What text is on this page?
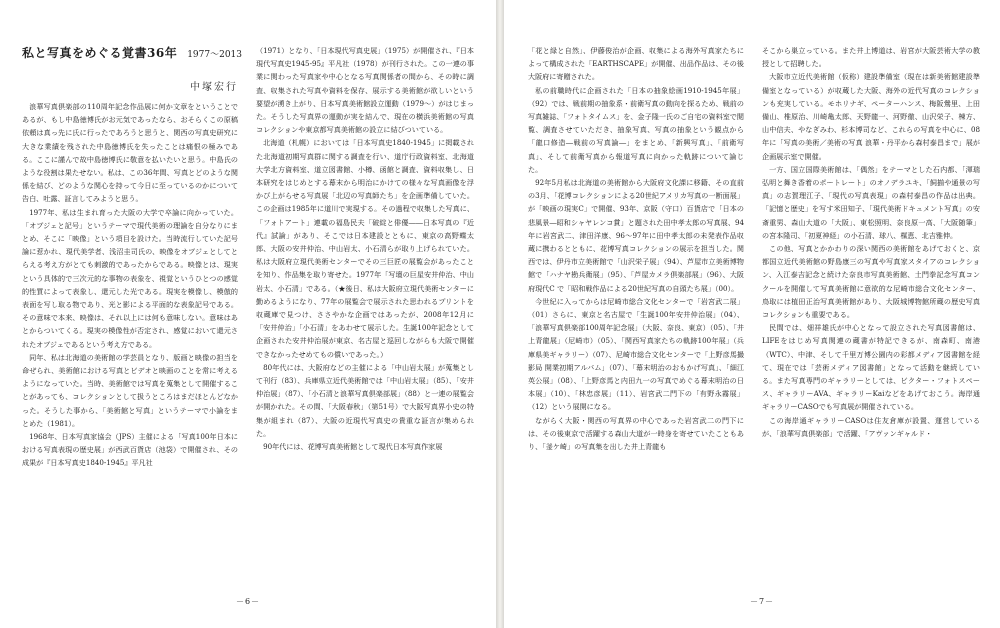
私と写真をめぐる覚書36年 1977～2013
中塚宏行

浪華写真倶楽部の110周年記念作品展に何か文章をということであるが、もし中島徳博氏がお元気であったなら、おそらくこの原稿依頼は真っ先に氏に行ったであろうと思うと、関西の写真史研究に大きな業績を残された中島徳博氏を失ったことは痛恨の極みである。ここに謹んで故中島徳博氏に敬意を払いたいと思う。中島氏のような役割は果たせない。私は、この36年間、写真とどのような関係を結び、どのような関心を持って今日に至っているのかについて告白、吐露、証言してみようと思う。

1977年、私は生まれ育った大阪の大学で卒論に向かっていた。「オブジェと記号」というテーマで現代美術の理論を自分なりにまとめ、そこに「映像」という項目を設けた。当時流行していた記号論に惹かれ、現代美学者、浅沼圭司氏の、映像をオブジェとしてとらえる考え方がとても刺激的であったからである。映像とは、現実という具体的で三次元的な事物の表象を、視覚というひとつの感覚的性質によって表象し、還元した光である。現実を模像し、模倣的表面を写し取る物であり、光と影による平面的な表象記号である。その意味で本来、映像は、それ以上には何も意味しない。意味はあとからついてくる。現実の模像性が否定され、感覚において還元されたオブジェであるという考え方である。

同年、私は北海道の美術館の学芸員となり、版画と映像の担当を命ぜられ、美術館における写真とビデオと映画のことを常に考えるようになっていた。当時、美術館では写真を蒐集として開催することがあっても、コレクションとして扱うところはまだほとんどなかった。そうした事から、「美術館と写真」というテーマで小論をまとめた（1981）。

1968年、日本写真家協会（JPS）主催による「写真100年日本における写真表現の歴史展」が西武百貨店（池袋）で開催され、その成果が『日本写真史1840-1945』平凡社

（1971）となり、「日本現代写真史展」（1975）が開催され、『日本現代写真史1945-95』平凡社（1978）が刊行された。この一連の事業に関わった写真家や中心となる写真関係者の間から、その時に調査、収集された写真や資料を保存、展示する美術館が欲しいという要望が湧き上がり、日本写真美術館設立運動（1979～）がはじまった。そうした写真界の運動が実を結んで、現在の横浜美術館の写真コレクションや東京都写真美術館の設立に結びついている。

北海道（札幌）においては「日本写真史1840-1945」に掲載された北海道初期写真群に関する調査を行い、道庁行政資料室、北海道大学北方資料室、道立図書館、小樽、函館と調査、資料収集し、日本研究をはじめとする幕末から明治にかけての様々な写真画像を浮かび上がらせる写真展「北辺の写真師たち」を企画準備していた。この企画は1985年に道川で実現する。その過程で収集した写真に、「フォトアート」連載の福島民夫「破綻と俳優――日本写真の『近代』試論」があり、そこでは日本建設とともに、東京の高野蝶太郎、大阪の安井仲治、中山岩太、小石清らが取り上げられていた。私は大阪府立現代美術センターでその三巨匠の展覧会があったことを知り、作品集を取り寄せた。1977年「写壇の巨星安井仲治、中山岩太、小石清」である。（★後日、私は大阪府立現代美術センターに勤めるようになり、77年の展覧会で展示された思われるプリントを収蔵庫で見つけ、ささやかな企画ではあったが、2008年12月に「安井仲治」「小石清」をあわせて展示した。生誕100年記念として企画された安井仲治展が東京、名古屋と巡回しながらも大阪で開催できなかったせめてもの償いであった。）

80年代には、大阪府などの主催による「中山岩太展」が蒐集として刊行（83）、兵庫県立近代美術館では「中山岩太展」（85）、「安井仲治展」（87）、「小石清と浪華写真倶楽部展」（88）と一連の展覧会が開かれた。その間、「大阪春秋」（第51号）で大阪写真界小史の特集が組まれ（87）、大阪の近現代写真史の貴重な証言が集められた。

90年代には、花博写真美術館として現代日本写真作家展

－6－

「花と緑と自然」、伊藤俊治が企画、収集による海外写真家たちによって構成された「EARTHSCAPE」が開催、出品作品は、その後大阪府に寄贈された。

私の前職時代に企画された「日本の抽象絵画1910-1945年展」（92）では、戦前期の抽象系・前衛写真の動向を探るため、戦前の写真雑誌、「フォトタイムス」を、金子隆一氏のご自宅の資料室で閲覧、調査させていただき、抽象写真、写真の抽象という観点から「龍口修造―戦前の写真論―」をまとめ、「新興写真」、「前衛写真」、そして前衛写真から報道写真に向かった軌跡について論じた。

92年5月私は北海道の美術館から大阪府文化課に移籍、その直前の3月、「花博コレクションによる20世紀アメリカ写真の一断面展」が「映画の現実C」で開催、93年、京阪（守口）百貨店で「日本の悲風景―昭和シャヤレンコ賞」と題された田中孝太郎の写真展、94年に岩宮武二、津田洋康、96～97年に田中孝太郎の未発表作品収蔵に携わるとともに、花博写真コレクションの展示を担当した。関西では、伊丹市立美術館で「山沢栄子展」（94）、芦屋市立美術博物館で「ハナヤ勘兵衛展」（95）、「芦屋カメラ倶楽部展」（96）、大阪府現代C で「昭和戦作品による20世紀写真の自頭たち展」（00）。

今世紀に入ってからは尼崎市総合文化センターで「岩宮武二展」（01）さらに、東京と名古屋で「生誕100年安井仲治展」（04）、「浪華写真倶楽部100周年記念展」（大阪、奈良、東京）（05）、「井上青龍展」（尼崎市）（05）、「関西写真家たちの軌跡100年展」（兵庫県美ギャラリー）（07）、尼崎市総合文化センターで「上野彦馬撮影局 開業初期アルバム」（07）、「幕末明治のおもかげ写真」、「細江英公展」（08）、「上野彦馬と内田九一の写真でめぐる幕末明治の日本展」（10）、「林忠彦展」（11）、岩宮武二門下の「有野永霧展」（12）という展開になる。

ながらく大阪・関西の写真界の中心であった岩宮武二の門下には、その後東京で活躍する森山大道が一時身を寄せていたこともあり、「釜ケ崎」の写真集を出した井上青龍も

そこから巣立っている。また井上博道は、岩宮が大阪芸術大学の教授として招聘した。

大阪市立近代美術館（仮称）建設準備室（現在は新美術館建設準備室となっている）が収蔵した大阪、海外の近代写真のコレクションも充実している。モホリナギ、ペーターハンス、梅阪鶯里、上田備山、椎原治、川崎亀太郎、天野龍一、河野徹、山沢栄子、棟方、山中信夫、やなぎみわ、杉本博司など、これらの写真を中心に、08年に「写真の美術／美術の写真 浪華・丹平から森村泰昌まで」展が企画展示室で開催。

一方、国立国際美術館は、「偶然」をテーマとした石内都、「渾瑞弘明と舞き香着のポートレート」のオノデラユキ、「飼揃や通景の写真」の志賀理江子、「現代の写真表現」の森村泰昌の作品は出典。「記憶と歴史」を写す米田知子、「現代美術ドキュメント写真」の安斎重男、森山大道の「大阪」、東松照明、奈良原一高、「大阪随筆」の宮本隆司、「初夏神経」の小石清、球八、楳恵、北吉雅伸。

この他、写真とかかわりの深い関西の美術館をあげておくと、京都国立近代美術館の野島康三の写真や写真家スタイアのコレクション、入江泰吉記念と続けた奈良市写真美術館、土門拳記念写真コンクールを開催して写真美術館に意欲的な尼崎市総合文化センター、鳥取には植田正治写真美術館があり、大阪城博物館所蔵の歴史写真コレクションも重要である。

民間では、畑祥雄氏が中心となって設立された写真図書館は、LIFEをはじめ写真関連の蔵書が特記できるが、南森町、南港（WTC）、中津、そして千里万博公園内の彩都メディア図書館を経て、現在では「芸術メディア図書館」となって活動を継続している。また写真専門のギャラリーとしては、ビクター・フォトスペース、ギャラリーAVA、ギャラリーKaiなどをあげておこう。海岸通ギャラリーCASOでも写真展が開催されている。

この海岸通ギャラリーCASOは住友倉庫が設置、運営しているが、「浪華写真倶楽部」で活躍、「アヴァンギャルド・

－7－
